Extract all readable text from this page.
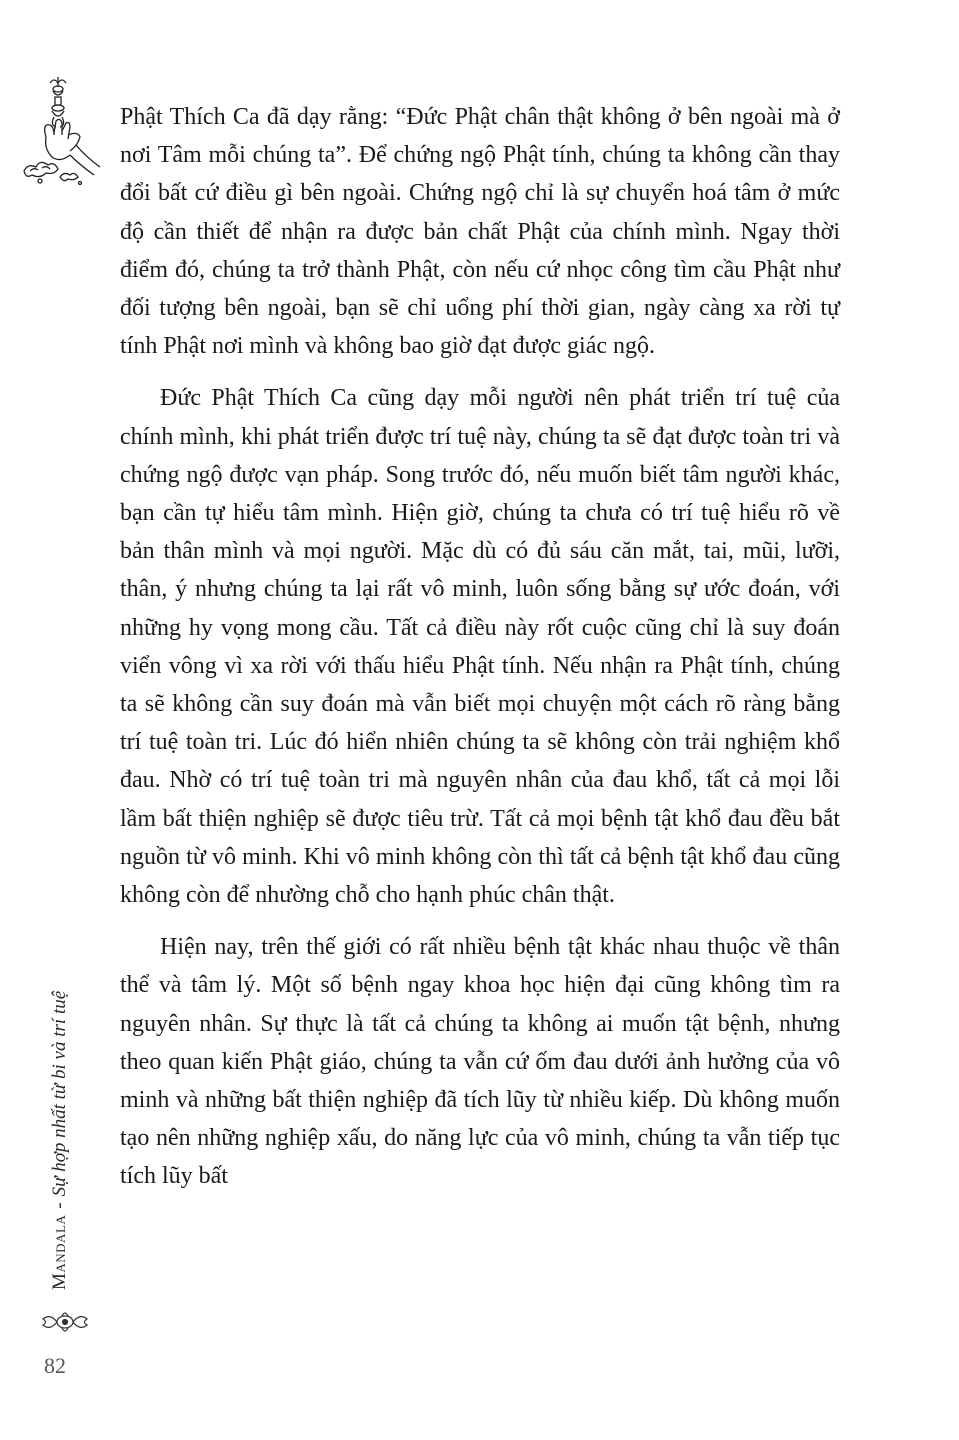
Phật Thích Ca đã dạy rằng: “Đức Phật chân thật không ở bên ngoài mà ở nơi Tâm mỗi chúng ta”. Để chứng ngộ Phật tính, chúng ta không cần thay đổi bất cứ điều gì bên ngoài. Chứng ngộ chỉ là sự chuyển hoá tâm ở mức độ cần thiết để nhận ra được bản chất Phật của chính mình. Ngay thời điểm đó, chúng ta trở thành Phật, còn nếu cứ nhọc công tìm cầu Phật như đối tượng bên ngoài, bạn sẽ chỉ uổng phí thời gian, ngày càng xa rời tự tính Phật nơi mình và không bao giờ đạt được giác ngộ.

Đức Phật Thích Ca cũng dạy mỗi người nên phát triển trí tuệ của chính mình, khi phát triển được trí tuệ này, chúng ta sẽ đạt được toàn tri và chứng ngộ được vạn pháp. Song trước đó, nếu muốn biết tâm người khác, bạn cần tự hiểu tâm mình. Hiện giờ, chúng ta chưa có trí tuệ hiểu rõ về bản thân mình và mọi người. Mặc dù có đủ sáu căn mắt, tai, mũi, lưỡi, thân, ý nhưng chúng ta lại rất vô minh, luôn sống bằng sự ước đoán, với những hy vọng mong cầu. Tất cả điều này rốt cuộc cũng chỉ là suy đoán viển vông vì xa rời với thấu hiểu Phật tính. Nếu nhận ra Phật tính, chúng ta sẽ không cần suy đoán mà vẫn biết mọi chuyện một cách rõ ràng bằng trí tuệ toàn tri. Lúc đó hiển nhiên chúng ta sẽ không còn trải nghiệm khổ đau. Nhờ có trí tuệ toàn tri mà nguyên nhân của đau khổ, tất cả mọi lỗi lầm bất thiện nghiệp sẽ được tiêu trừ. Tất cả mọi bệnh tật khổ đau đều bắt nguồn từ vô minh. Khi vô minh không còn thì tất cả bệnh tật khổ đau cũng không còn để nhường chỗ cho hạnh phúc chân thật.

Hiện nay, trên thế giới có rất nhiều bệnh tật khác nhau thuộc về thân thể và tâm lý. Một số bệnh ngay khoa học hiện đại cũng không tìm ra nguyên nhân. Sự thực là tất cả chúng ta không ai muốn tật bệnh, nhưng theo quan kiến Phật giáo, chúng ta vẫn cứ ốm đau dưới ảnh hưởng của vô minh và những bất thiện nghiệp đã tích lũy từ nhiều kiếp. Dù không muốn tạo nên những nghiệp xấu, do năng lực của vô minh, chúng ta vẫn tiếp tục tích lũy bất

Mandala
-
Sự hợp nhất từ bi và trí tuệ
82
